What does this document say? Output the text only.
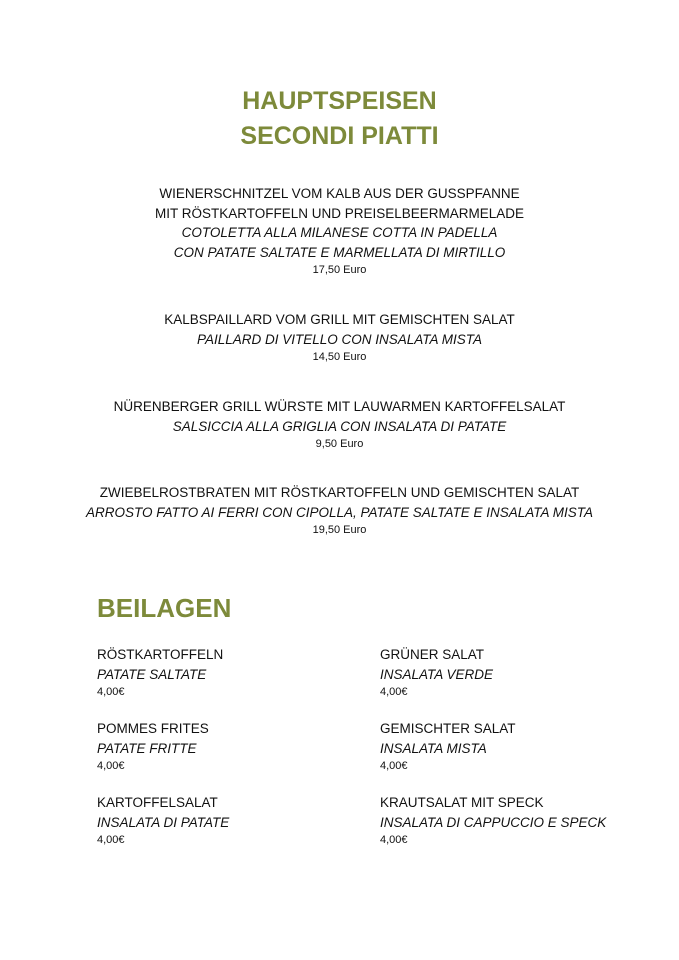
HAUPTSPEISEN
SECONDI PIATTI
WIENERSCHNITZEL VOM KALB AUS DER GUSSPFANNE
MIT RÖSTKARTOFFELN UND PREISELBEERMARMELADE
COTOLETTA ALLA MILANESE COTTA IN PADELLA
CON PATATE SALTATE E MARMELLATA DI MIRTILLO
17,50 Euro
KALBSPAILLARD VOM GRILL MIT GEMISCHTEN SALAT
PAILLARD DI VITELLO CON INSALATA MISTA
14,50 Euro
NÜRENBERGER GRILL WÜRSTE MIT LAUWARMEN KARTOFFELSALAT
SALSICCIA ALLA GRIGLIA CON INSALATA DI PATATE
9,50 Euro
ZWIEBELROSTBRATEN MIT RÖSTKARTOFFELN UND GEMISCHTEN SALAT
ARROSTO FATTO AI FERRI CON CIPOLLA, PATATE SALTATE E INSALATA MISTA
19,50 Euro
BEILAGEN
RÖSTKARTOFFELN
PATATE SALTATE
4,00€
GRÜNER SALAT
INSALATA VERDE
4,00€
POMMES FRITES
PATATE FRITTE
4,00€
GEMISCHTER SALAT
INSALATA MISTA
4,00€
KARTOFFELSALAT
INSALATA DI PATATE
4,00€
KRAUTSALAT MIT SPECK
INSALATA DI CAPPUCCIO E SPECK
4,00€
